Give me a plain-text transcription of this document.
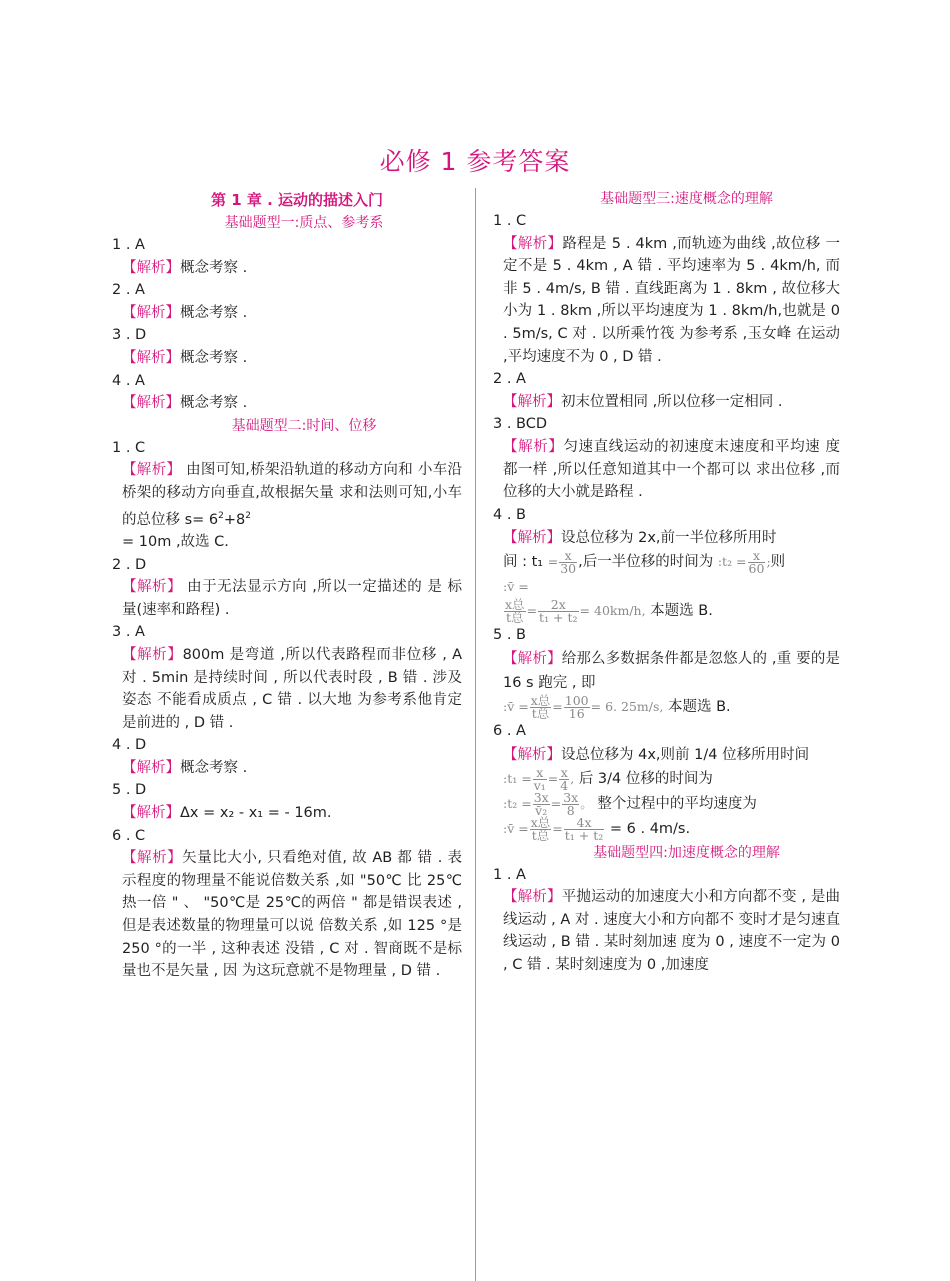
必修 1 参考答案
第 1 章 . 运动的描述入门
基础题型一:质点、参考系
1 . A
【解析】概念考察 .
2 . A
【解析】概念考察 .
3 . D
【解析】概念考察 .
4 . A
【解析】概念考察 .
基础题型二:时间、位移
1 . C
【解析】 由图可知,桥架沿轨道的移动方向和 小车沿桥架的移动方向垂直,故根据矢量 求和法则可知,小车的总位移 $s= 6^2+8^2$
= 10m ,故选 C.
2 . D
【解析】 由于无法显示方向 ,所以一定描述的 是 标量(速率和路程) .
3 . A
【解析】800m 是弯道 ,所以代表路程而非位移 , A 对 . 5min 是持续时间 , 所以代表时段 , B 错 . 涉及姿态 不能看成质点 , C 错 . 以大地 为参考系他肯定是前进的 , D 错 .
4 . D
【解析】概念考察 .
5 . D
【解析】Δx = x₂ - x₁ = - 16m.
6 . C
【解析】矢量比大小, 只看绝对值, 故 AB 都 错 . 表示程度的物理量不能说倍数关系 ,如 "50℃ 比 25℃热一倍 " 、 "50℃是 25℃的两倍 " 都是错误表述 ,但是表述数量的物理量可以说 倍数关系 ,如 125 °是 250 °的一半 , 这种表述 没错 , C 对 . 智商既不是标量也不是矢量 , 因 为这玩意就不是物理量 , D 错 .
基础题型三:速度概念的理解
1 . C
【解析】路程是 5 . 4km ,而轨迹为曲线 ,故位移 一定不是 5 . 4km , A 错 . 平均速率为 5 . 4km/h, 而非 5 . 4m/s, B 错 . 直线距离为 1 . 8km , 故位移大小为 1 . 8km ,所以平均速度为 1 . 8km/h,也就是 0 . 5m/s, C 对 . 以所乘竹筏 为参考系 ,玉女峰 在运动 ,平均速度不为 0 , D 错 .
2 . A
【解析】初末位置相同 ,所以位移一定相同 .
3 . BCD
【解析】匀速直线运动的初速度末速度和平均速 度都一样 ,所以任意知道其中一个都可以 求出位移 ,而位移的大小就是路程 .
4 . B
【解析】设总位移为 2x,前一半位移所用时
间 : $t_1 = \frac{x}{30}$ ,后一半位移的时间为 :t₂ = $\frac{x}{60}$ ;则
:v̄ =

$\frac{\text{x总}}{\text{t总}} = \frac{2x}{\text{t₁ + t₂}} = 40km/h$, 本题选 B.
5 . B
【解析】给那么多数据条件都是忽悠人的 ,重 要的是 16 s 跑完 , 即
:v̄ = $\frac{\text{x总}}{\text{t总}} = \frac{100}{16} = 6$. 25m/s, 本题选 B.
6 . A
【解析】设总位移为 4x,则前 1/4 位移所用时间
:t₁ = $\frac{x}{\text{v₁}} = \frac{x}{4}$ , 后 3/4 位移的时间为
:t₂ = $\frac{3x}{\text{v̄₂}} = \frac{3x}{8}$ 。 整个过程中的平均速度为
:v̄ = $\frac{\text{x总}}{\text{t总}} = \frac{4x}{\text{t₁ + t₂}} = 6$ . 4m/s.
基础题型四:加速度概念的理解
1 . A
【解析】平抛运动的加速度大小和方向都不变 , 是曲线运动 , A 对 . 速度大小和方向都不 变时才是匀速直线运动 , B 错 . 某时刻加速 度为 0 , 速度不一定为 0 , C 错 . 某时刻速度为 0 ,加速度
